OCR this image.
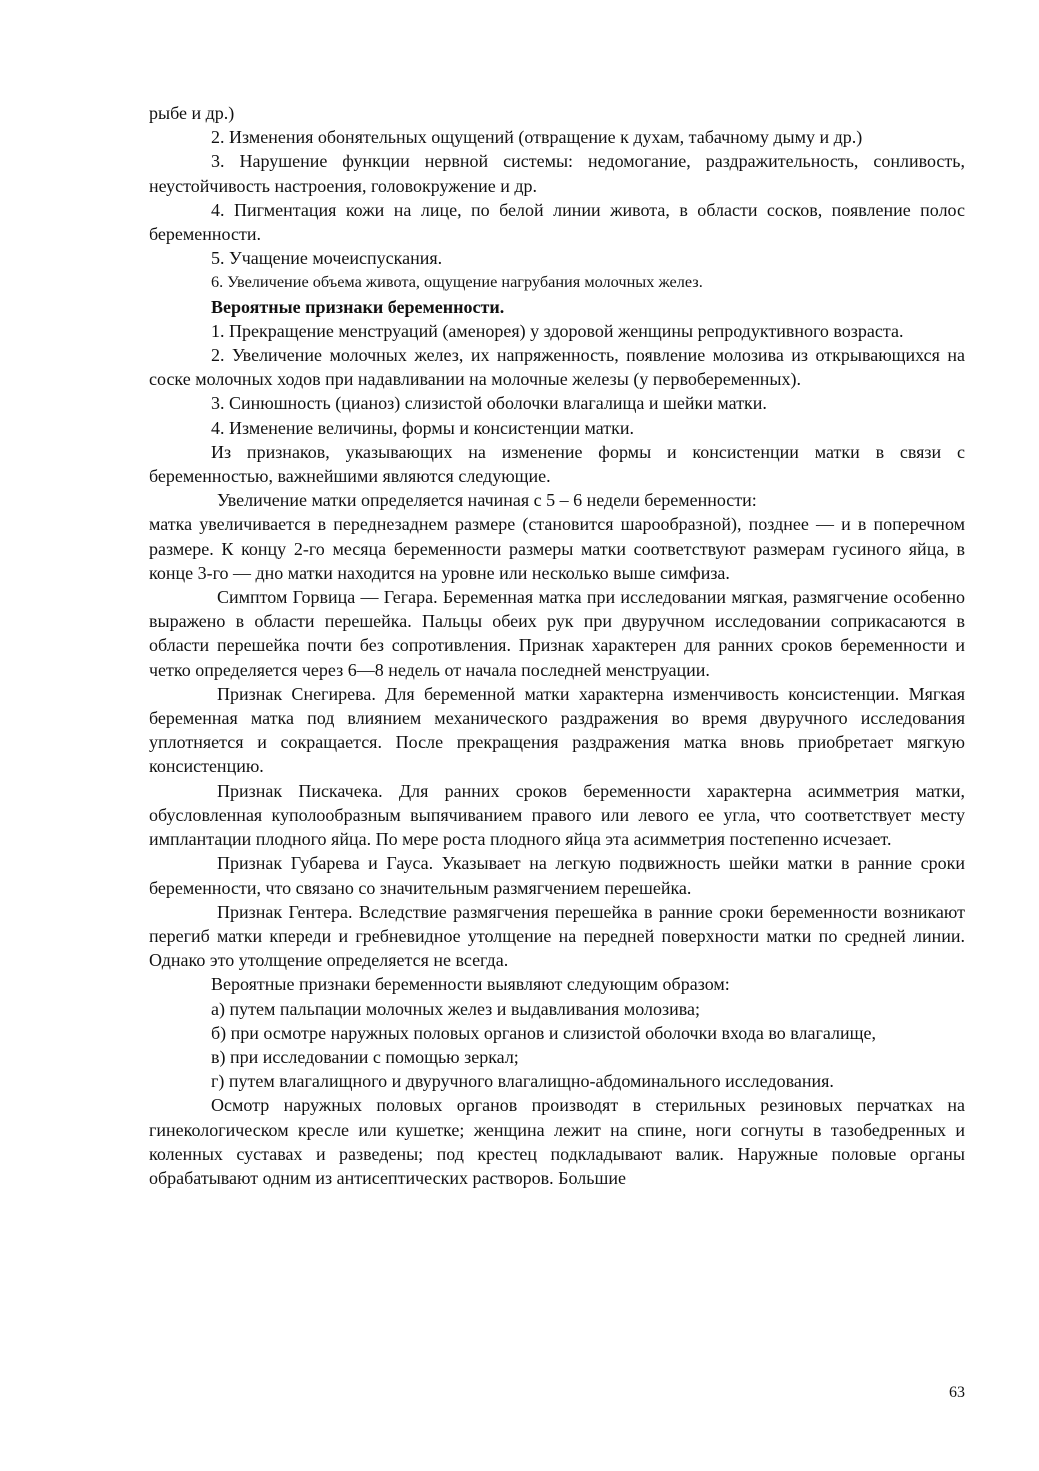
рыбе и др.)

2. Изменения обонятельных ощущений (отвращение к духам, табачному дыму и др.)

3. Нарушение функции нервной системы: недомогание, раздражительность, сонливость, неустойчивость настроения, головокружение и др.

4. Пигментация кожи на лице, по белой линии живота, в области сосков, появление полос беременности.

5. Учащение мочеиспускания.

6. Увеличение объема живота, ощущение нагрубания молочных желез.

Вероятные признаки беременности.

1. Прекращение менструаций (аменорея) у здоровой женщины репродуктивного возраста.

2. Увеличение молочных желез, их напряженность, появление молозива из открывающихся на соске молочных ходов при надавливании на молочные железы (у первобеременных).

3. Синюшность (цианоз) слизистой оболочки влагалища и шейки матки.

4. Изменение величины, формы и консистенции матки.

Из признаков, указывающих на изменение формы и консистенции матки в связи с беременностью, важнейшими являются следующие.

Увеличение матки определяется начиная с 5 – 6 недели беременности:

матка увеличивается в переднезаднем размере (становится шарообразной), позднее — и в поперечном размере. К концу 2-го месяца беременности размеры матки соответствуют размерам гусиного яйца, в конце 3-го — дно матки находится на уровне или несколько выше симфиза.

Симптом Горвица — Гегара. Беременная матка при исследовании мягкая, размягчение особенно выражено в области перешейка. Пальцы обеих рук при двуручном исследовании соприкасаются в области перешейка почти без сопротивления. Признак характерен для ранних сроков беременности и четко определяется через 6—8 недель от начала последней менструации.

Признак Снегирева. Для беременной матки характерна изменчивость консистенции. Мягкая беременная матка под влиянием механического раздражения во время двуручного исследования уплотняется и сокращается. После прекращения раздражения матка вновь приобретает мягкую консистенцию.

Признак Пискачека. Для ранних сроков беременности характерна асимметрия матки, обусловленная куполообразным выпячиванием правого или левого ее угла, что соответствует месту имплантации плодного яйца. По мере роста плодного яйца эта асимметрия постепенно исчезает.

Признак Губарева и Гауса. Указывает на легкую подвижность шейки матки в ранние сроки беременности, что связано со значительным размягчением перешейка.

Признак Гентера. Вследствие размягчения перешейка в ранние сроки беременности возникают перегиб матки кпереди и гребневидное утолщение на передней поверхности матки по средней линии. Однако это утолщение определяется не всегда.

Вероятные признаки беременности выявляют следующим образом:

а) путем пальпации молочных желез и выдавливания молозива;

б) при осмотре наружных половых органов и слизистой оболочки входа во влагалище,

в) при исследовании с помощью зеркал;

г) путем влагалищного и двуручного влагалищно-абдоминального исследования.

Осмотр наружных половых органов производят в стерильных резиновых перчатках на гинекологическом кресле или кушетке; женщина лежит на спине, ноги согнуты в тазобедренных и коленных суставах и разведены; под крестец подкладывают валик. Наружные половые органы обрабатывают одним из антисептических растворов. Большие

63
